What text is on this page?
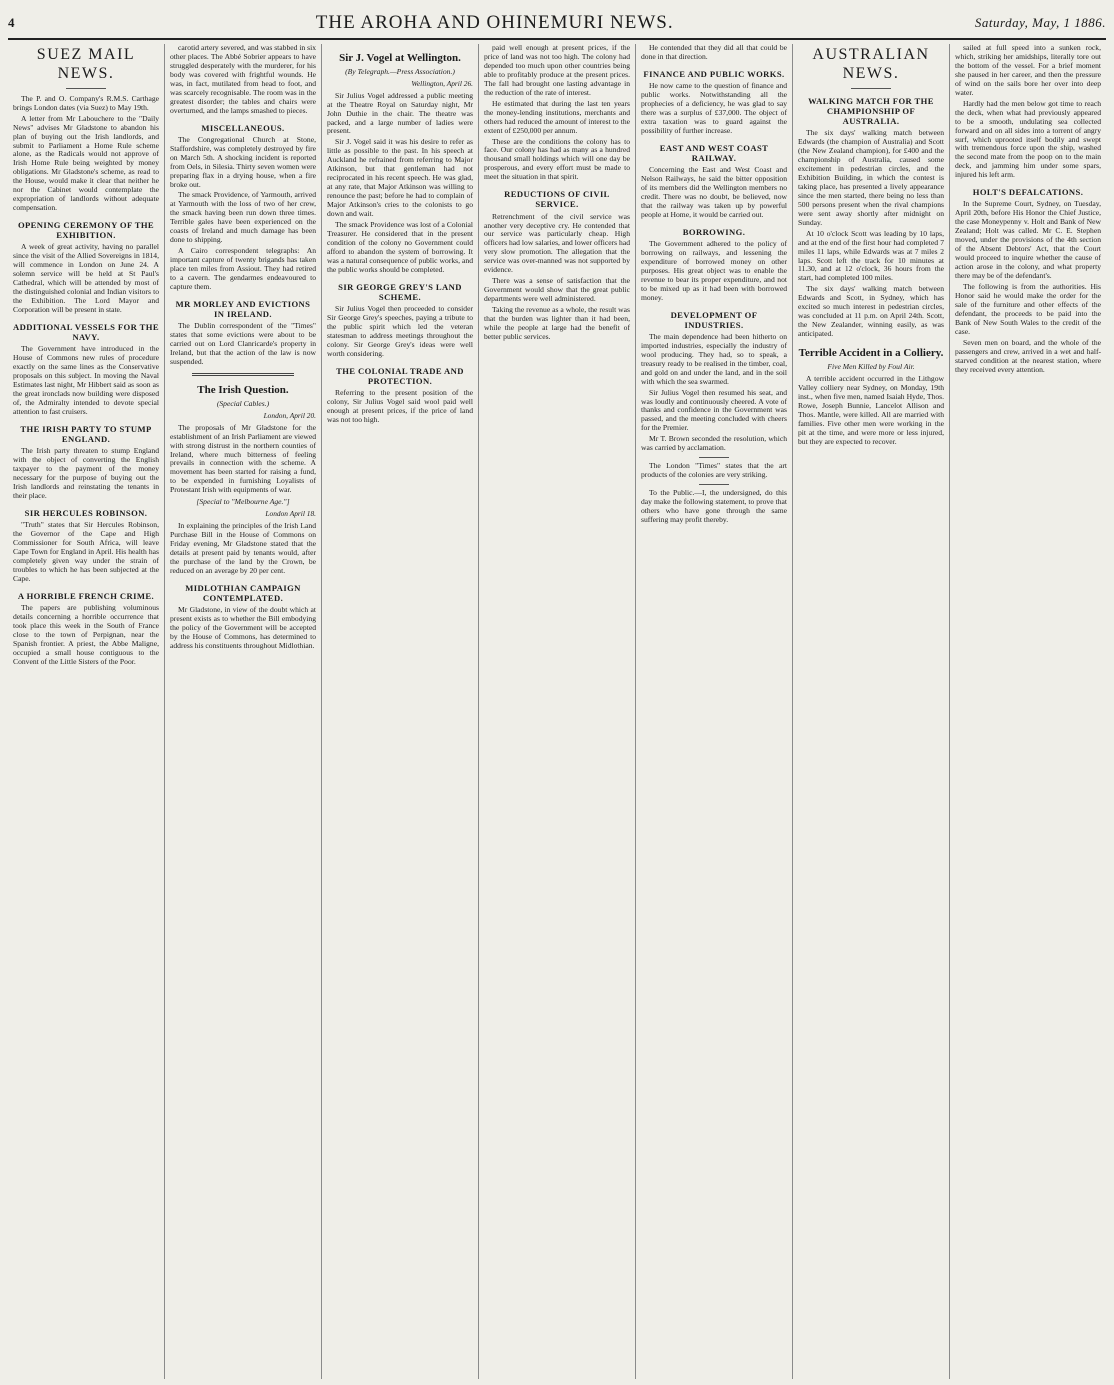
4	THE AROHA AND OHINEMURI NEWS.	Saturday, May, 1 1886.
SUEZ MAIL NEWS.

The P. and O. Company's R.M.S. Carthage brings London dates (via Suez) to May 19th.

A letter from Mr Labouchere to the "Daily News" advises Mr Gladstone to abandon his plan of buying out the Irish landlords, and submit to Parliament a Home Rule scheme alone, as the Radicals would not approve of Irish Home Rule being weighted by money obligations. Mr Gladstone's scheme, as read to the House, would make it clear that neither he nor the Cabinet would contemplate the expropriation of landlords without adequate compensation.

OPENING CEREMONY OF THE EXHIBITION.

A week of great activity, having no parallel since the visit of the Allied Sovereigns in 1814, will commence in London on June 24. A solemn service will be held at St Paul's Cathedral, which will be attended by most of the distinguished colonial and Indian visitors to the Exhibition. The Lord Mayor and Corporation will be present in state.

ADDITIONAL VESSELS FOR THE NAVY.

The Government have introduced in the House of Commons new rules of procedure exactly on the same lines as the Conservative proposals on this subject. In moving the Naval Estimates last night, Mr Hibbert said as soon as the great ironclads now building were disposed of, the Admiralty intended to devote special attention to fast cruisers.

THE IRISH PARTY TO STUMP ENGLAND.

The Irish party threaten to stump England with the object of converting the English taxpayer to the payment of the money necessary for the purpose of buying out the Irish landlords and reinstating the tenants in their place.

SIR HERCULES ROBINSON.

"Truth" states that Sir Hercules Robinson, the Governor of the Cape and High Commissioner for South Africa, will leave Cape Town for England in April. His health has completely given way under the strain of troubles to which he has been subjected at the Cape.

A HORRIBLE FRENCH CRIME.

The papers are publishing voluminous details concerning a horrible occurrence that took place this week in the South of France close to the town of Perpignan, near the Spanish frontier. A priest, the Abbe Maligne, occupied a small house contiguous to the Convent of the Little Sisters of the Poor.

carotid artery severed, and was stabbed in six other places. The Abbé Sobrier appears to have struggled desperately with the murderer, for his body was covered with frightful wounds. He was, in fact, mutilated from head to foot, and was scarcely recognisable. The room was in the greatest disorder; the tables and chairs were overturned, and the lamps smashed to pieces.

MISCELLANEOUS.

The Congregational Church at Stone, Staffordshire, was completely destroyed by fire on March 5th. A shocking incident is reported from Oels, in Silesia. Thirty seven women were preparing flax in a drying house, when a fire broke out.

The smack Providence, of Yarmouth, arrived at Yarmouth with the loss of two of her crew, the smack having been run down three times. Terrible gales have been experienced on the coasts of Ireland and much damage has been done to shipping.

A Cairo correspondent telegraphs: An important capture of twenty brigands has taken place ten miles from Assiout. They had retired to a cavern. The gendarmes endeavoured to capture them.

MR MORLEY AND EVICTIONS IN IRELAND.

The Dublin correspondent of the "Times" states that some evictions were about to be carried out on Lord Clanricarde's property in Ireland, but that the action of the law is now suspended.

The Irish Question.
(Special Cables.)
London, April 20.

The proposals of Mr Gladstone for the establishment of an Irish Parliament are viewed with strong distrust in the northern counties of Ireland, where much bitterness of feeling prevails in connection with the scheme. A movement has been started for raising a fund, to be expended in furnishing Loyalists of Protestant Irish with equipments of war.

[Special to "Melbourne Age."]
London April 18.

In explaining the principles of the Irish Land Purchase Bill in the House of Commons on Friday evening, Mr Gladstone stated that the details at present paid by tenants would, after the purchase of the land by the Crown, be reduced on an average by 20 per cent.

MIDLOTHIAN CAMPAIGN CONTEMPLATED.

Mr Gladstone, in view of the doubt which at present exists as to whether the Bill embodying the policy of the Government will be accepted by the House of Commons, has determined to address his constituents throughout Midlothian.

Sir J. Vogel at Wellington.
(By Telegraph.—Press Association.)
Wellington, April 26.

Sir Julius Vogel addressed a public meeting at the Theatre Royal on Saturday night, Mr John Duthie in the chair. The theatre was packed, and a large number of ladies were present.

Sir J. Vogel said it was his desire to refer as little as possible to the past. In his speech at Auckland he refrained from referring to Major Atkinson, but that gentleman had not reciprocated in his recent speech. He was glad, at any rate, that Major Atkinson was willing to renounce the past; before he had to complain of Major Atkinson's cries to the colonists to go down and wait.

The smack Providence was lost of a Colonial Treasurer. He considered that in the present condition of the colony no Government could afford to abandon the system of borrowing. It was a natural consequence of public works, and the public works should be completed.

SIR GEORGE GREY'S LAND SCHEME.

Sir Julius Vogel then proceeded to consider Sir George Grey's speeches, paying a tribute to the public spirit which led the veteran statesman to address meetings throughout the colony. Sir George Grey's ideas were well worth considering.

THE COLONIAL TRADE AND PROTECTION.

Referring to the present position of the colony, Sir Julius Vogel said wool paid well enough at present prices, if the price of land was not too high.

paid well enough at present prices, if the price of land was not too high. The colony had depended too much upon other countries being able to profitably produce at the present prices. The fall had brought one lasting advantage in the reduction of the rate of interest.

He estimated that during the last ten years the money-lending institutions, merchants and others had reduced the amount of interest to the extent of £250,000 per annum.

These are the conditions the colony has to face. Our colony has had as many as a hundred thousand small holdings which will one day be prosperous, and every effort must be made to meet the situation in that spirit.

REDUCTIONS OF CIVIL SERVICE.

Retrenchment of the civil service was another very deceptive cry. He contended that our service was particularly cheap. High officers had low salaries, and lower officers had very slow promotion. The allegation that the service was over-manned was not supported by evidence.

There was a sense of satisfaction that the Government would show that the great public departments were well administered.

Taking the revenue as a whole, the result was that the burden was lighter than it had been, while the people at large had the benefit of better public services.

He contended that they did all that could be done in that direction.

FINANCE AND PUBLIC WORKS.

He now came to the question of finance and public works. Notwithstanding all the prophecies of a deficiency, he was glad to say there was a surplus of £37,000. The object of extra taxation was to guard against the possibility of further increase.

EAST AND WEST COAST RAILWAY.

Concerning the East and West Coast and Nelson Railways, he said the bitter opposition of its members did the Wellington members no credit. There was no doubt, be believed, now that the railway was taken up by powerful people at Home, it would be carried out.

BORROWING.

The Government adhered to the policy of borrowing on railways, and lessening the expenditure of borrowed money on other purposes. His great object was to enable the revenue to bear its proper expenditure, and not to be mixed up as it had been with borrowed money.

DEVELOPMENT OF INDUSTRIES.

The main dependence had been hitherto on imported industries, especially the industry of wool producing. They had, so to speak, a treasury ready to be realised in the timber, coal, and gold on and under the land, and in the soil with which the sea swarmed.

Sir Julius Vogel then resumed his seat, and was loudly and continuously cheered. A vote of thanks and confidence in the Government was passed, and the meeting concluded with cheers for the Premier.

Mr T. Brown seconded the resolution, which was carried by acclamation.

The London "Times" states that the art products of the colonies are very striking.

To the Public.—I, the undersigned, do this day make the following statement, to prove that others who have gone through the same suffering may profit thereby.

AUSTRALIAN NEWS.
WALKING MATCH FOR THE CHAMPIONSHIP OF AUSTRALIA.

The six days' walking match between Edwards (the champion of Australia) and Scott (the New Zealand champion), for £400 and the championship of Australia, caused some excitement in pedestrian circles, and the Exhibition Building, in which the contest is taking place, has presented a lively appearance since the men started, there being no less than 500 persons present when the rival champions were sent away shortly after midnight on Sunday.

At 10 o'clock Scott was leading by 10 laps, and at the end of the first hour had completed 7 miles 11 laps, while Edwards was at 7 miles 2 laps. Scott left the track for 10 minutes at 11.30, and at 12 o'clock, 36 hours from the start, had completed 100 miles.

The six days' walking match between Edwards and Scott, in Sydney, which has excited so much interest in pedestrian circles, was concluded at 11 p.m. on April 24th. Scott, the New Zealander, winning easily, as was anticipated.

Terrible Accident in a Colliery.
Five Men Killed by Foul Air.

A terrible accident occurred in the Lithgow Valley colliery near Sydney, on Monday, 19th inst., when five men, named Isaiah Hyde, Thos. Rowe, Joseph Bunnie, Lancelot Allison and Thos. Mantle, were killed. All are married with families. Five other men were working in the pit at the time, and were more or less injured, but they are expected to recover.

sailed at full speed into a sunken rock, which, striking her amidships, literally tore out the bottom of the vessel. For a brief moment she paused in her career, and then the pressure of wind on the sails bore her over into deep water.

Hardly had the men below got time to reach the deck, when what had previously appeared to be a smooth, undulating sea collected forward and on all sides into a torrent of angry surf, which uprooted itself bodily and swept with tremendous force upon the ship, washed the second mate from the poop on to the main deck, and jamming him under some spars, injured his left arm.

HOLT'S DEFALCATIONS.

In the Supreme Court, Sydney, on Tuesday, April 20th, before His Honor the Chief Justice, the case Moneypenny v. Holt and Bank of New Zealand; Holt was called. Mr C. E. Stephen moved, under the provisions of the 4th section of the Absent Debtors' Act, that the Court would proceed to inquire whether the cause of action arose in the colony, and what property there may be of the defendant's.

The following is from the authorities. His Honor said he would make the order for the sale of the furniture and other effects of the defendant, the proceeds to be paid into the Bank of New South Wales to the credit of the case.

Seven men on board, and the whole of the passengers and crew, arrived in a wet and half-starved condition at the nearest station, where they received every attention.
